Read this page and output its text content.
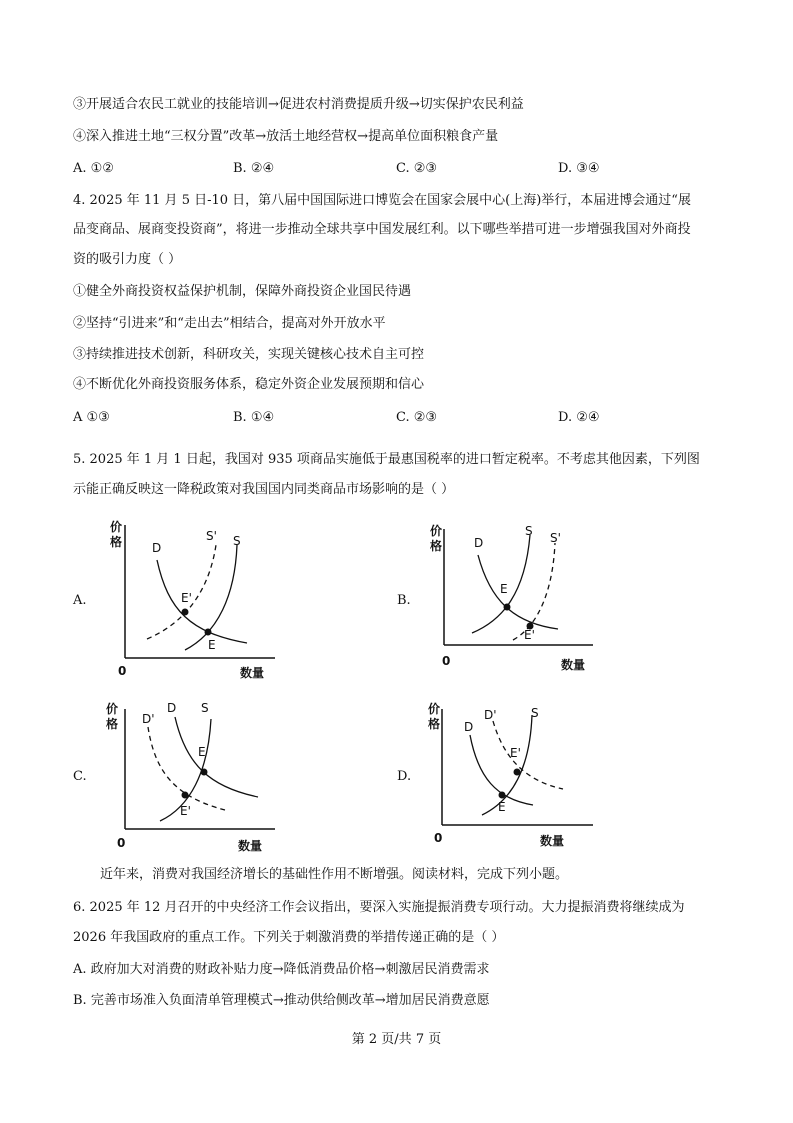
③开展适合农民工就业的技能培训→促进农村消费提质升级→切实保护农民利益
④深入推进土地“三权分置”改革→放活土地经营权→提高单位面积粮食产量
A. ①②	B. ②④	C. ②③	D. ③④
4. 2025 年 11 月 5 日-10 日，第八届中国国际进口博览会在国家会展中心(上海)举行，本届进博会通过“展
品变商品、展商变投资商”，将进一步推动全球共享中国发展红利。以下哪些举措可进一步增强我国对外商投
资的吸引力度（ ）
①健全外商投资权益保护机制，保障外商投资企业国民待遇
②坚持“引进来”和“走出去”相结合，提高对外开放水平
③持续推进技术创新，科研攻关，实现关键核心技术自主可控
④不断优化外商投资服务体系，稳定外资企业发展预期和信心
A ①③	B. ①④	C. ②③	D. ②④
5. 2025 年 1 月 1 日起，我国对 935 项商品实施低于最惠国税率的进口暂定税率。不考虑其他因素，下列图
示能正确反映这一降税政策对我国国内同类商品市场影响的是（ ）
A.
价
格
0	数量
D
S' S
E'
E
B.
价
格
0	数量
D
S S'
E
E'
C.
价
格
0	数量
D'
D S
E
E'
D.
价
格
0	数量
D
D'	S
E'
E
近年来，消费对我国经济增长的基础性作用不断增强。阅读材料，完成下列小题。
6. 2025 年 12 月召开的中央经济工作会议指出，要深入实施提振消费专项行动。大力提振消费将继续成为
2026 年我国政府的重点工作。下列关于刺激消费的举措传递正确的是（ ）
A. 政府加大对消费的财政补贴力度→降低消费品价格→刺激居民消费需求
B. 完善市场准入负面清单管理模式→推动供给侧改革→增加居民消费意愿
第 2 页/共 7 页
